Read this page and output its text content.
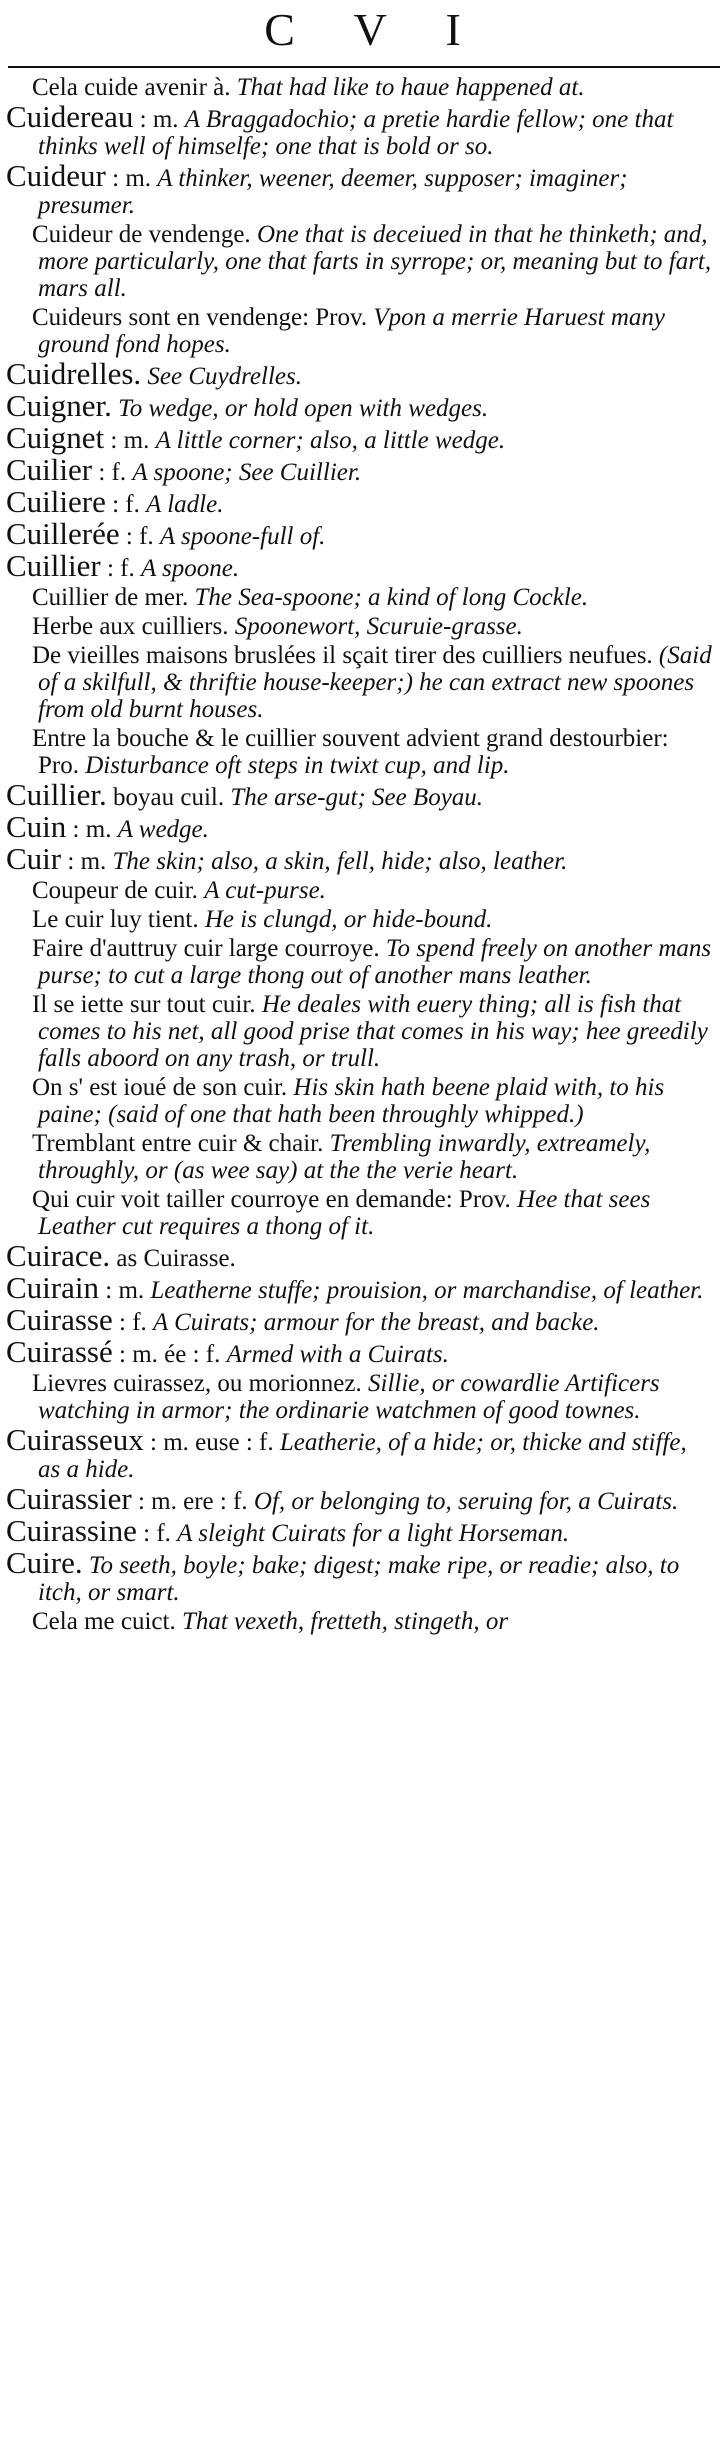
C V I
Cela cuide avenir à. That had like to haue happened at.
Cuidereau : m. A Braggadochio; a pretie hardie fellow; one that thinks well of himselfe; one that is bold or so.
Cuideur : m. A thinker, weener, deemer, supposer; imaginer; presumer.
Cuideur de vendenge. One that is deceiued in that he thinketh; and, more particularly, one that farts in syrrope; or, meaning but to fart, mars all.
Cuideurs sont en vendenge: Prov. Vpon a merrie Haruest many ground fond hopes.
Cuidrelles. See Cuydrelles.
Cuigner. To wedge, or hold open with wedges.
Cuignet : m. A little corner; also, a little wedge.
Cuilier : f. A spoone; See Cuillier.
Cuiliere : f. A ladle.
Cuillerée : f. A spoone-full of.
Cuillier : f. A spoone.
Cuillier de mer. The Sea-spoone; a kind of long Cockle.
Herbe aux cuilliers. Spoonewort, Scuruie-grasse.
De vieilles maisons bruslées il sçait tirer des cuilliers neufues. (Said of a skilfull, & thriftie house-keeper;) he can extract new spoones from old burnt houses.
Entre la bouche & le cuillier souvent advient grand destourbier: Pro. Disturbance oft steps in twixt cup, and lip.
Cuillier. boyau cuil. The arse-gut; See Boyau.
Cuin : m. A wedge.
Cuir : m. The skin; also, a skin, fell, hide; also, leather.
Coupeur de cuir. A cut-purse.
Le cuir luy tient. He is clungd, or hide-bound.
Faire d'auttruy cuir large courroye. To spend freely on another mans purse; to cut a large thong out of another mans leather.
Il se iette sur tout cuir. He deales with euery thing; all is fish that comes to his net, all good prise that comes in his way; hee greedily falls aboord on any trash, or trull.
On s' est ioué de son cuir. His skin hath beene plaid with, to his paine; (said of one that hath been throughly whipped.)
Tremblant entre cuir & chair. Trembling inwardly, extreamely, throughly, or (as wee say) at the the verie heart.
Qui cuir voit tailler courroye en demande: Prov. Hee that sees Leather cut requires a thong of it.
Cuirace. as Cuirasse.
Cuirain : m. Leatherne stuffe; prouision, or marchandise, of leather.
Cuirasse : f. A Cuirats; armour for the breast, and backe.
Cuirassé : m. ée : f. Armed with a Cuirats.
Lievres cuirassez, ou morionnez. Sillie, or cowardlie Artificers watching in armor; the ordinarie watchmen of good townes.
Cuirasseux : m. euse : f. Leatherie, of a hide; or, thicke and stiffe, as a hide.
Cuirassier : m. ere : f. Of, or belonging to, seruing for, a Cuirats.
Cuirassine : f. A sleight Cuirats for a light Horseman.
Cuire. To seeth, boyle; bake; digest; make ripe, or readie; also, to itch, or smart.
Cela me cuict. That vexeth, fretteth, stingeth, or
